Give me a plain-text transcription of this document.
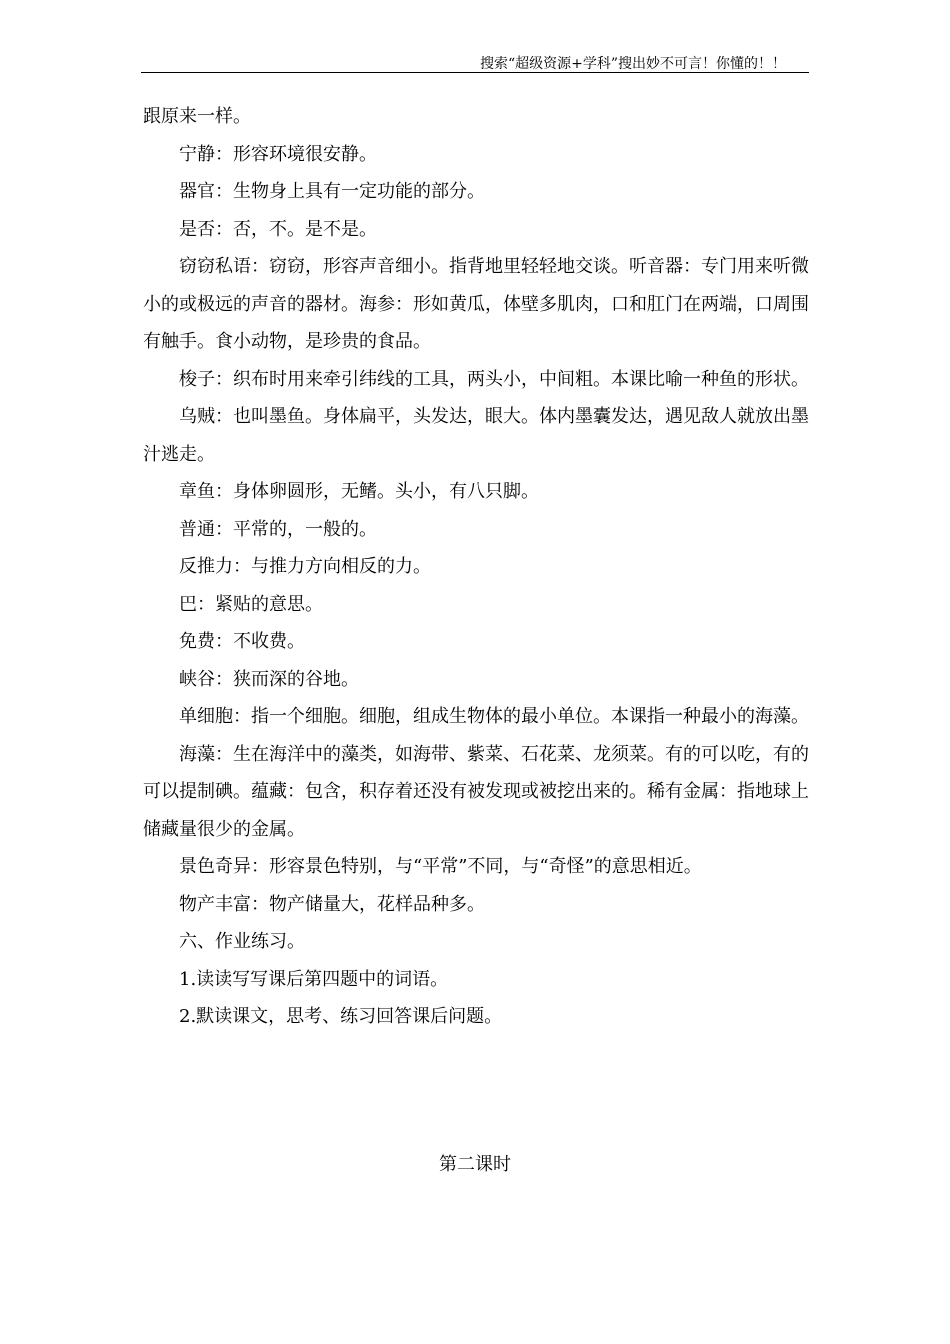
搜索“超级资源+学科”搜出妙不可言！你懂的！！

跟原来一样。

宁静：形容环境很安静。

器官：生物身上具有一定功能的部分。

是否：否，不。是不是。

窃窃私语：窃窃，形容声音细小。指背地里轻轻地交谈。听音器：专门用来听微小的或极远的声音的器材。海参：形如黄瓜，体壁多肌肉，口和肛门在两端，口周围有触手。食小动物，是珍贵的食品。

梭子：织布时用来牵引纬线的工具，两头小，中间粗。本课比喻一种鱼的形状。

乌贼：也叫墨鱼。身体扁平，头发达，眼大。体内墨囊发达，遇见敌人就放出墨汁逃走。

章鱼：身体卵圆形，无鳍。头小，有八只脚。

普通：平常的，一般的。

反推力：与推力方向相反的力。

巴：紧贴的意思。

免费：不收费。

峡谷：狭而深的谷地。

单细胞：指一个细胞。细胞，组成生物体的最小单位。本课指一种最小的海藻。

海藻：生在海洋中的藻类，如海带、紫菜、石花菜、龙须菜。有的可以吃，有的可以提制碘。蕴藏：包含，积存着还没有被发现或被挖出来的。稀有金属：指地球上储藏量很少的金属。

景色奇异：形容景色特别，与“平常”不同，与“奇怪”的意思相近。

物产丰富：物产储量大，花样品种多。

六、作业练习。

1.读读写写课后第四题中的词语。

2.默读课文，思考、练习回答课后问题。

第二课时
